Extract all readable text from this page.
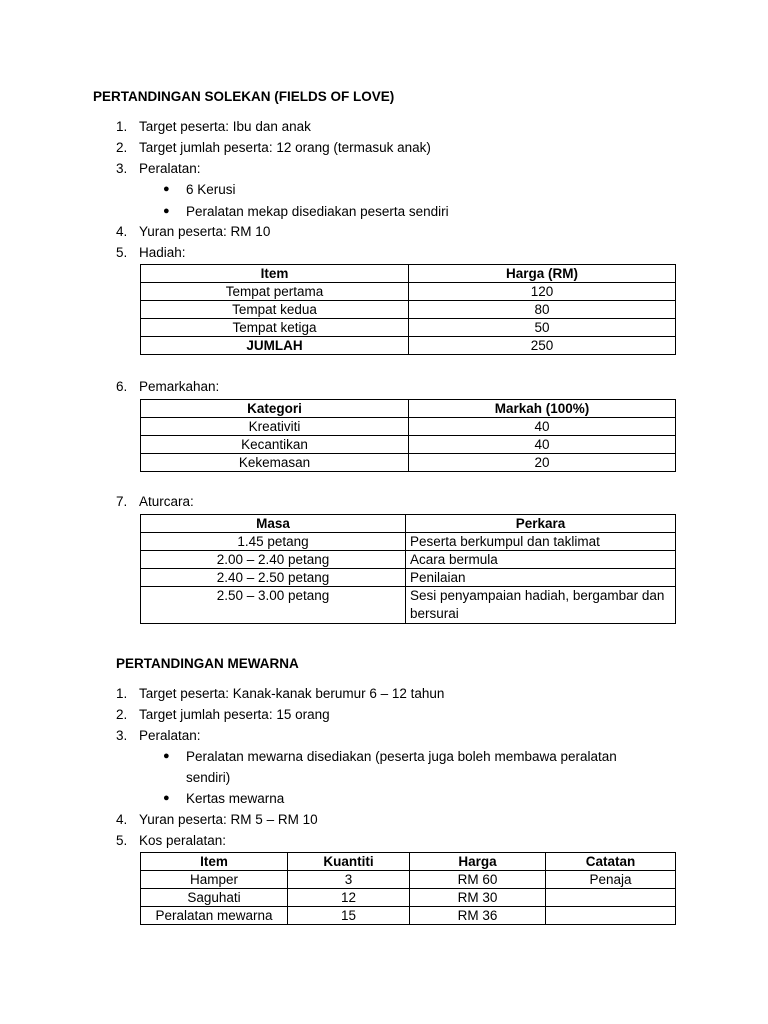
PERTANDINGAN SOLEKAN (FIELDS OF LOVE)
1. Target peserta: Ibu dan anak
2. Target jumlah peserta: 12 orang (termasuk anak)
3. Peralatan:
● 6 Kerusi
● Peralatan mekap disediakan peserta sendiri
4. Yuran peserta: RM 10
5. Hadiah:
Item	Harga (RM)
Tempat pertama	120
Tempat kedua	80
Tempat ketiga	50
JUMLAH	250
6. Pemarkahan:
Kategori	Markah (100%)
Kreativiti	40
Kecantikan	40
Kekemasan	20
7. Aturcara:
Masa	Perkara
1.45 petang	Peserta berkumpul dan taklimat
2.00 – 2.40 petang	Acara bermula
2.40 – 2.50 petang	Penilaian
2.50 – 3.00 petang	Sesi penyampaian hadiah, bergambar dan bersurai
PERTANDINGAN MEWARNA
1. Target peserta: Kanak-kanak berumur 6 – 12 tahun
2. Target jumlah peserta: 15 orang
3. Peralatan:
● Peralatan mewarna disediakan (peserta juga boleh membawa peralatan
sendiri)
● Kertas mewarna
4. Yuran peserta: RM 5 – RM 10
5. Kos peralatan:
Item	Kuantiti	Harga	Catatan
Hamper	3	RM 60	Penaja
Saguhati	12	RM 30	
Peralatan mewarna	15	RM 36	
